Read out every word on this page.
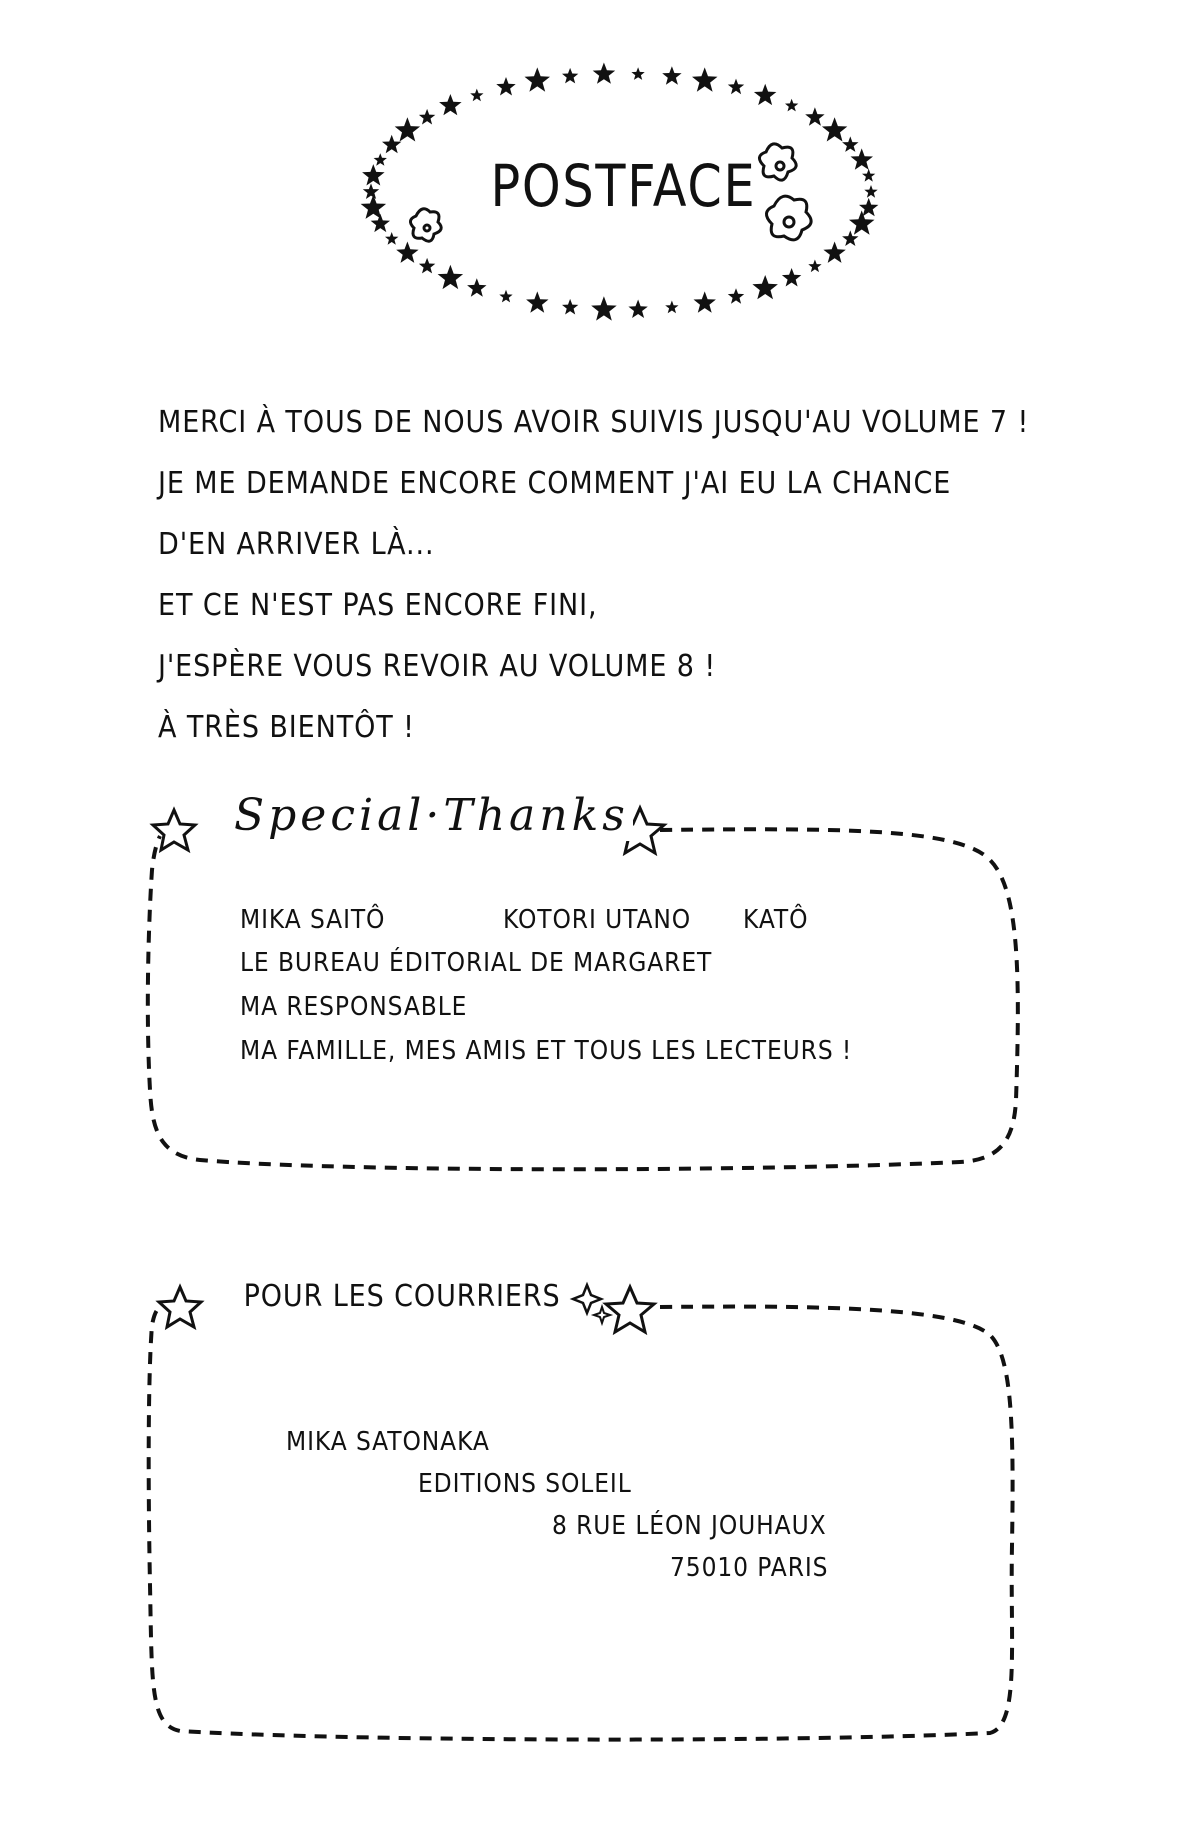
POSTFACE
MERCI À TOUS DE NOUS AVOIR SUIVIS JUSQU'AU VOLUME 7 !
JE ME DEMANDE ENCORE COMMENT J'AI EU LA CHANCE
D'EN ARRIVER LÀ...
ET CE N'EST PAS ENCORE FINI,
J'ESPÈRE VOUS REVOIR AU VOLUME 8 !
À TRÈS BIENTÔT !
Special·Thanks
MIKA SAITÔ	KOTORI UTANO KATÔ
LE BUREAU ÉDITORIAL DE MARGARET
MA RESPONSABLE
MA FAMILLE, MES AMIS ET TOUS LES LECTEURS !
POUR LES COURRIERS
MIKA SATONAKA
EDITIONS SOLEIL
8 RUE LÉON JOUHAUX
75010 PARIS
